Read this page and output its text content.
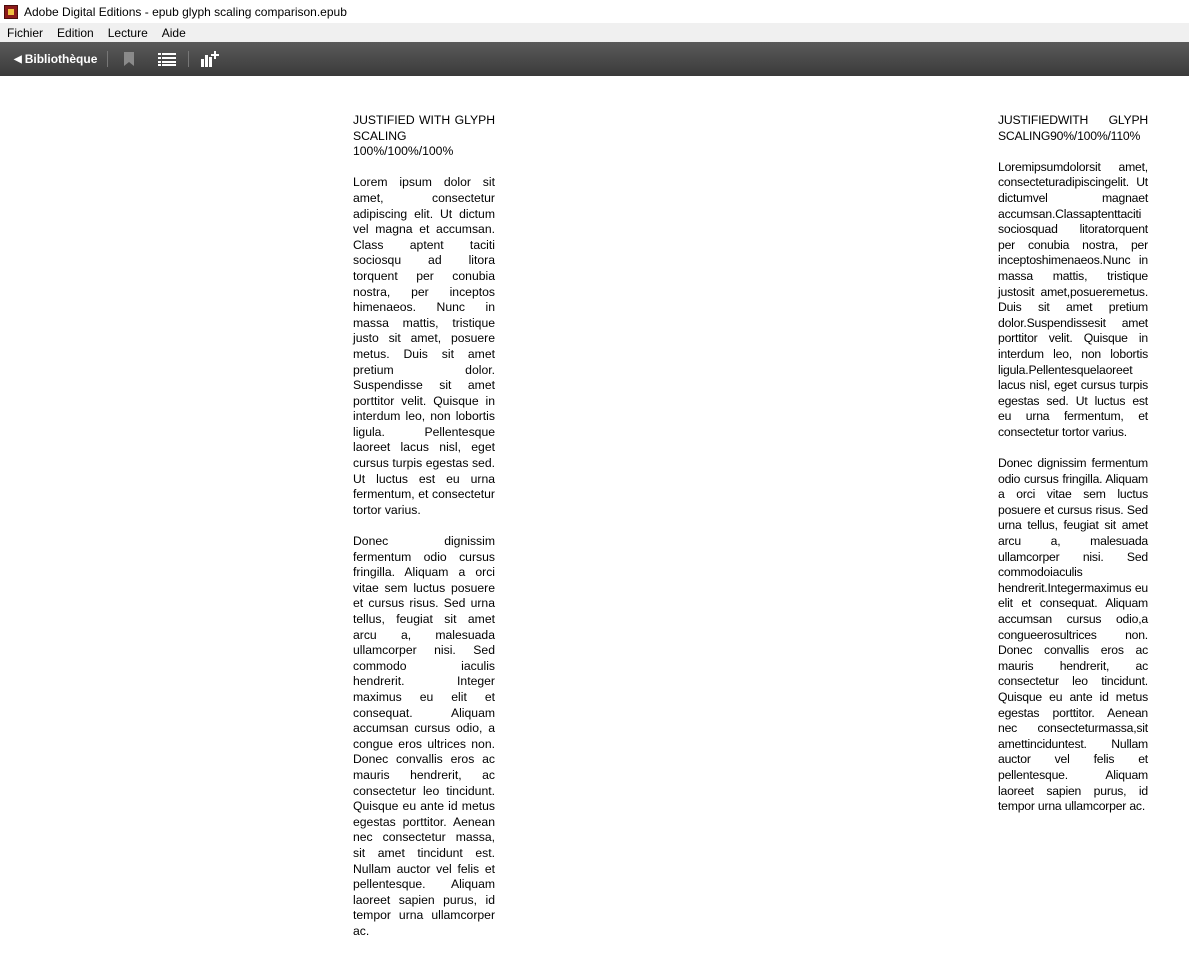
Adobe Digital Editions - epub glyph scaling comparison.epub
Fichier	Edition	Lecture	Aide
◀ Bibliothèque

JUSTIFIED WITH GLYPH SCALING 100%/100%/100%

Lorem ipsum dolor sit amet, consectetur adipiscing elit. Ut dictum vel magna et accumsan. Class aptent taciti sociosqu ad litora torquent per conubia nostra, per inceptos himenaeos. Nunc in massa mattis, tristique justo sit amet, posuere metus. Duis sit amet pretium dolor. Suspendisse sit amet porttitor velit. Quisque in interdum leo, non lobortis ligula. Pellentesque laoreet lacus nisl, eget cursus turpis egestas sed. Ut luctus est eu urna fermentum, et consectetur tortor varius.

Donec dignissim fermentum odio cursus fringilla. Aliquam a orci vitae sem luctus posuere et cursus risus. Sed urna tellus, feugiat sit amet arcu a, malesuada ullamcorper nisi. Sed commodo iaculis hendrerit. Integer maximus eu elit et consequat. Aliquam accumsan cursus odio, a congue eros ultrices non. Donec convallis eros ac mauris hendrerit, ac consectetur leo tincidunt. Quisque eu ante id metus egestas porttitor. Aenean nec consectetur massa, sit amet tincidunt est. Nullam auctor vel felis et pellentesque. Aliquam laoreet sapien purus, id tempor urna ullamcorper ac.

JUSTIFIEDWITH GLYPH SCALING90%/100%/110%

Loremipsumdolorsit amet, consecteturadipiscingelit. Ut dictumvel magnaet accumsan.Classaptenttaciti sociosquad litoratorquent per conubia nostra, per inceptoshimenaeos.Nunc in massa mattis, tristique justosit amet,posueremetus. Duis sit amet pretium dolor.Suspendissesit amet porttitor velit. Quisque in interdum leo, non lobortis ligula.Pellentesquelaoreet lacus nisl, eget cursus turpis egestas sed. Ut luctus est eu urna fermentum, et consectetur tortor varius.

Donec dignissim fermentum odio cursus fringilla. Aliquam a orci vitae sem luctus posuere et cursus risus. Sed urna tellus, feugiat sit amet arcu a, malesuada ullamcorper nisi. Sed commodoiaculis hendrerit.Integermaximus eu elit et consequat. Aliquam accumsan cursus odio,a congueerosultrices non. Donec convallis eros ac mauris hendrerit, ac consectetur leo tincidunt. Quisque eu ante id metus egestas porttitor. Aenean nec consecteturmassa,sit amettinciduntest. Nullam auctor vel felis et pellentesque. Aliquam laoreet sapien purus, id tempor urna ullamcorper ac.
